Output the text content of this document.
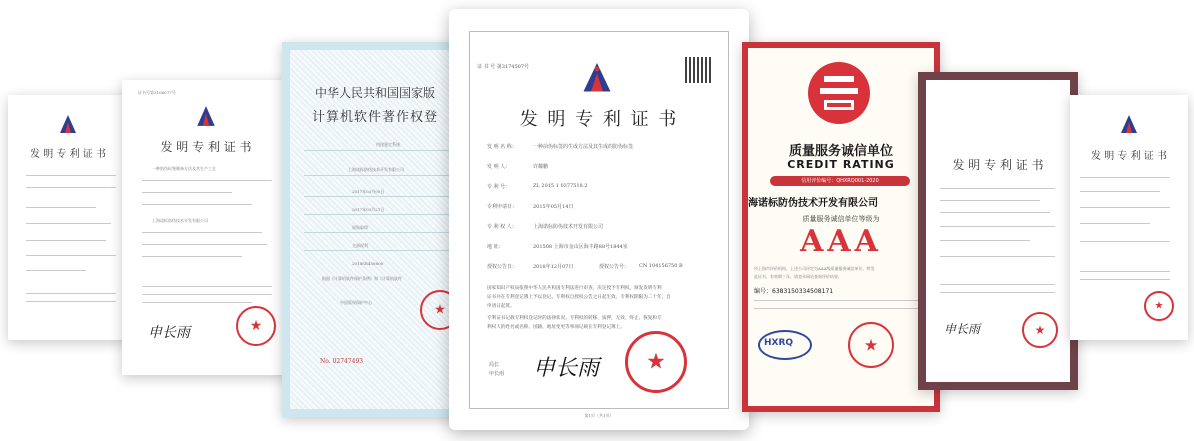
发 明 专 利 证 书
证书号第3166077号
发 明 专 利 证 书
一种防伪标签制备方法及其生产工艺
上海诺标防伪技术开发有限公司
申长雨	★
中华人民共和国国家版
计算机软件著作权登
用途鉴定系统
上海诺标防伪技术开发有限公司
2017年03月05日
2017年03月21日
原始取得
全部权利
2018SR456608
根据《计算机软件保护条例》和《计算机软件
中国版权保护中心	★
No. 02747493
证 书 号 第3174507号
发 明 专 利 证 书
发 明 名 称：	一种前伪标签的生成方法及其生成的防伪标签
发 明 人：	许耀鹏
专 利 号：	ZL 2015 1 0377518.2
专利申请日：	2015年05月14日
专 利 权 人：	上海诺标防伪技术开发有限公司
地 址：	201508 上海市金山区海丰路88号1844室
授权公告日：	2018年12月07日	授权公告号： CN 104156750 B
国家知识产权局依照中华人民共和国专利法进行审查，决定授予专利权，颁发发明专利
证书并在专利登记簿上予以登记。专利权自授权公告之日起生效。专利权期限为二十年，自
申请日起算。
专利证书记载专利权登记时的法律状况。专利权的转移、质押、无效、终止、恢复和专
利权人的姓名或名称、国籍、地址变更等事项记载在专利登记簿上。
局长
申长雨 申长雨 ★
第1页（共1页）
质量服务诚信单位
CREDIT RATING
信用评价编号：QHXRQ001-2020
海诺标防伪技术开发有限公司
质量服务诚信单位等级为
AAA
经上海市评价机构，上述公司评定为AAA级质量服务诚信单位，特发
此证书，有效期三年，请登录网站查询评价结果。
编号：6383150334508171
HXRQ	★
发 明 专 利 证 书
申长雨	★
发 明 专 利 证 书
★
